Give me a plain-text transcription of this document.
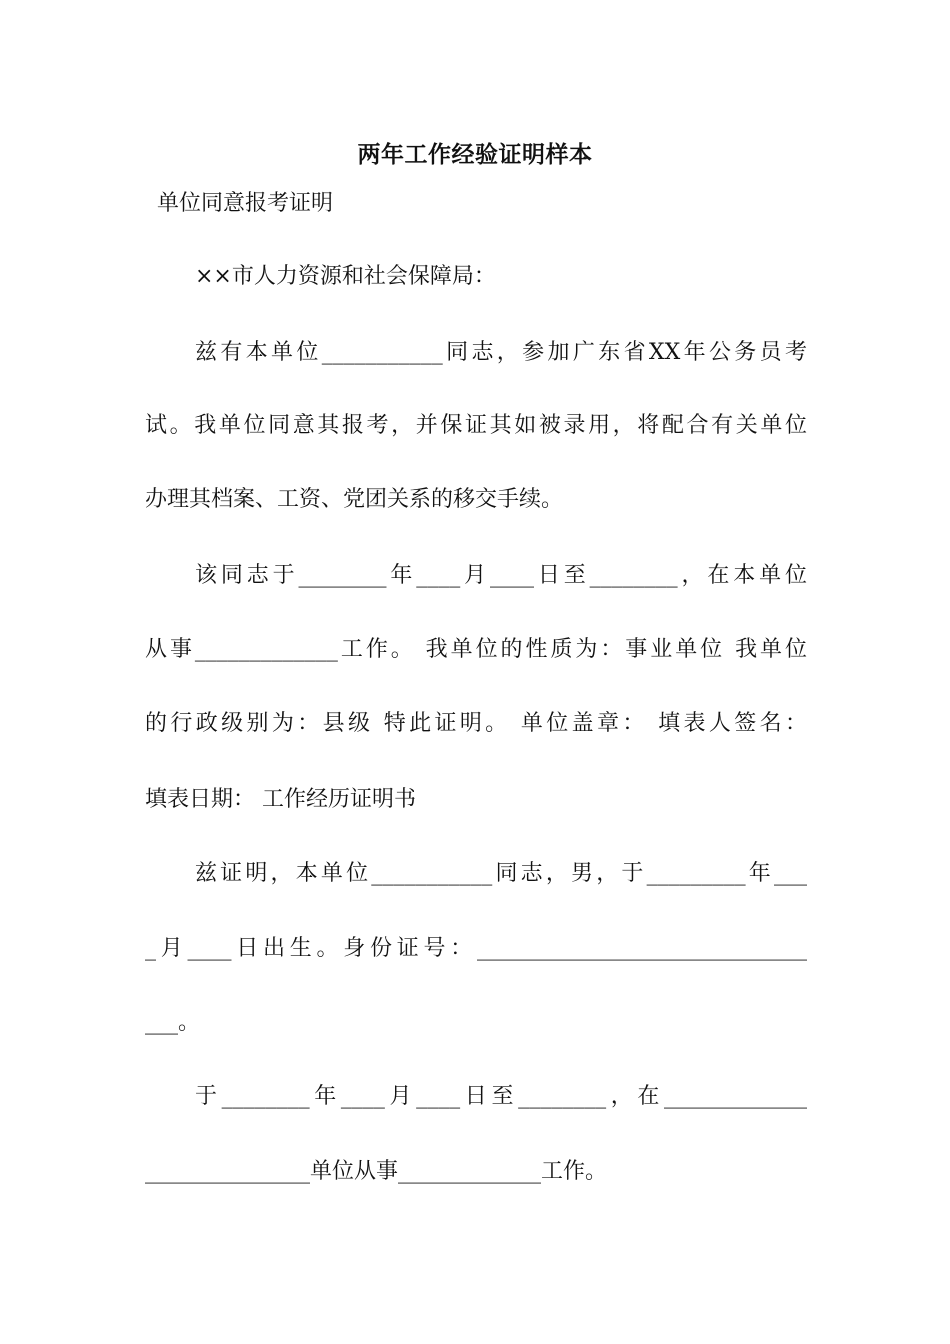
两年工作经验证明样本
单位同意报考证明
××市人力资源和社会保障局：
兹有本单位___________同志，参加广东省XX年公务员考
试。我单位同意其报考，并保证其如被录用，将配合有关单位
办理其档案、工资、党团关系的移交手续。
该同志于________年____月____日至________，在本单位
从事_____________工作。 我单位的性质为：事业单位 我单位
的行政级别为：县级 特此证明。 单位盖章： 填表人签名：
填表日期： 工作经历证明书
兹证明，本单位___________同志，男，于_________年___
_月____日出生。身份证号：______________________________
___。
于________年____月____日至________，在_____________
_______________单位从事_____________工作。
